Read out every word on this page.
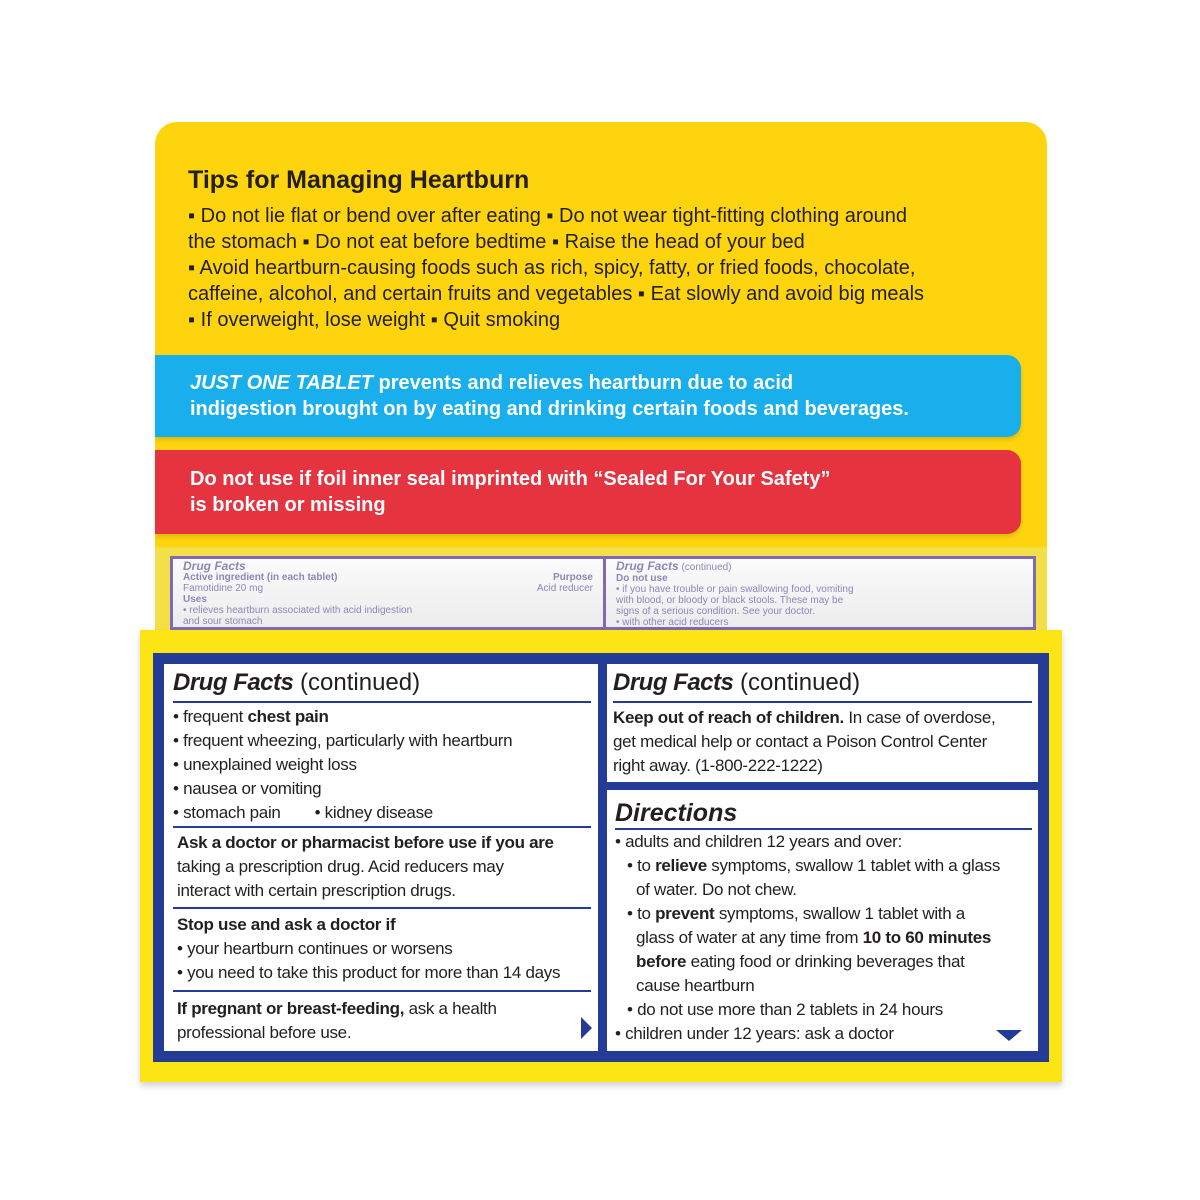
Tips for Managing Heartburn
▪ Do not lie flat or bend over after eating ▪ Do not wear tight-fitting clothing around
the stomach ▪ Do not eat before bedtime ▪ Raise the head of your bed
▪ Avoid heartburn-causing foods such as rich, spicy, fatty, or fried foods, chocolate,
caffeine, alcohol, and certain fruits and vegetables ▪ Eat slowly and avoid big meals
▪ If overweight, lose weight ▪ Quit smoking
JUST ONE TABLET prevents and relieves heartburn due to acid
indigestion brought on by eating and drinking certain foods and beverages.
Do not use if foil inner seal imprinted with “Sealed For Your Safety”
is broken or missing
Drug Facts
Active ingredient (in each tablet)	Purpose
Famotidine 20 mg	Acid reducer
Uses
• relieves heartburn associated with acid indigestion
and sour stomach
Drug Facts (continued)
Do not use
• if you have trouble or pain swallowing food, vomiting
with blood, or bloody or black stools. These may be
signs of a serious condition. See your doctor.
• with other acid reducers
Drug Facts (continued)
• frequent chest pain
• frequent wheezing, particularly with heartburn
• unexplained weight loss
• nausea or vomiting
• stomach pain • kidney disease
Ask a doctor or pharmacist before use if you are
taking a prescription drug. Acid reducers may
interact with certain prescription drugs.
Stop use and ask a doctor if
• your heartburn continues or worsens
• you need to take this product for more than 14 days
If pregnant or breast-feeding, ask a health
professional before use.
Drug Facts (continued)
Keep out of reach of children. In case of overdose,
get medical help or contact a Poison Control Center
right away. (1-800-222-1222)
Directions
• adults and children 12 years and over:
• to relieve symptoms, swallow 1 tablet with a glass
of water. Do not chew.
• to prevent symptoms, swallow 1 tablet with a
glass of water at any time from 10 to 60 minutes
before eating food or drinking beverages that
cause heartburn
• do not use more than 2 tablets in 24 hours
• children under 12 years: ask a doctor
